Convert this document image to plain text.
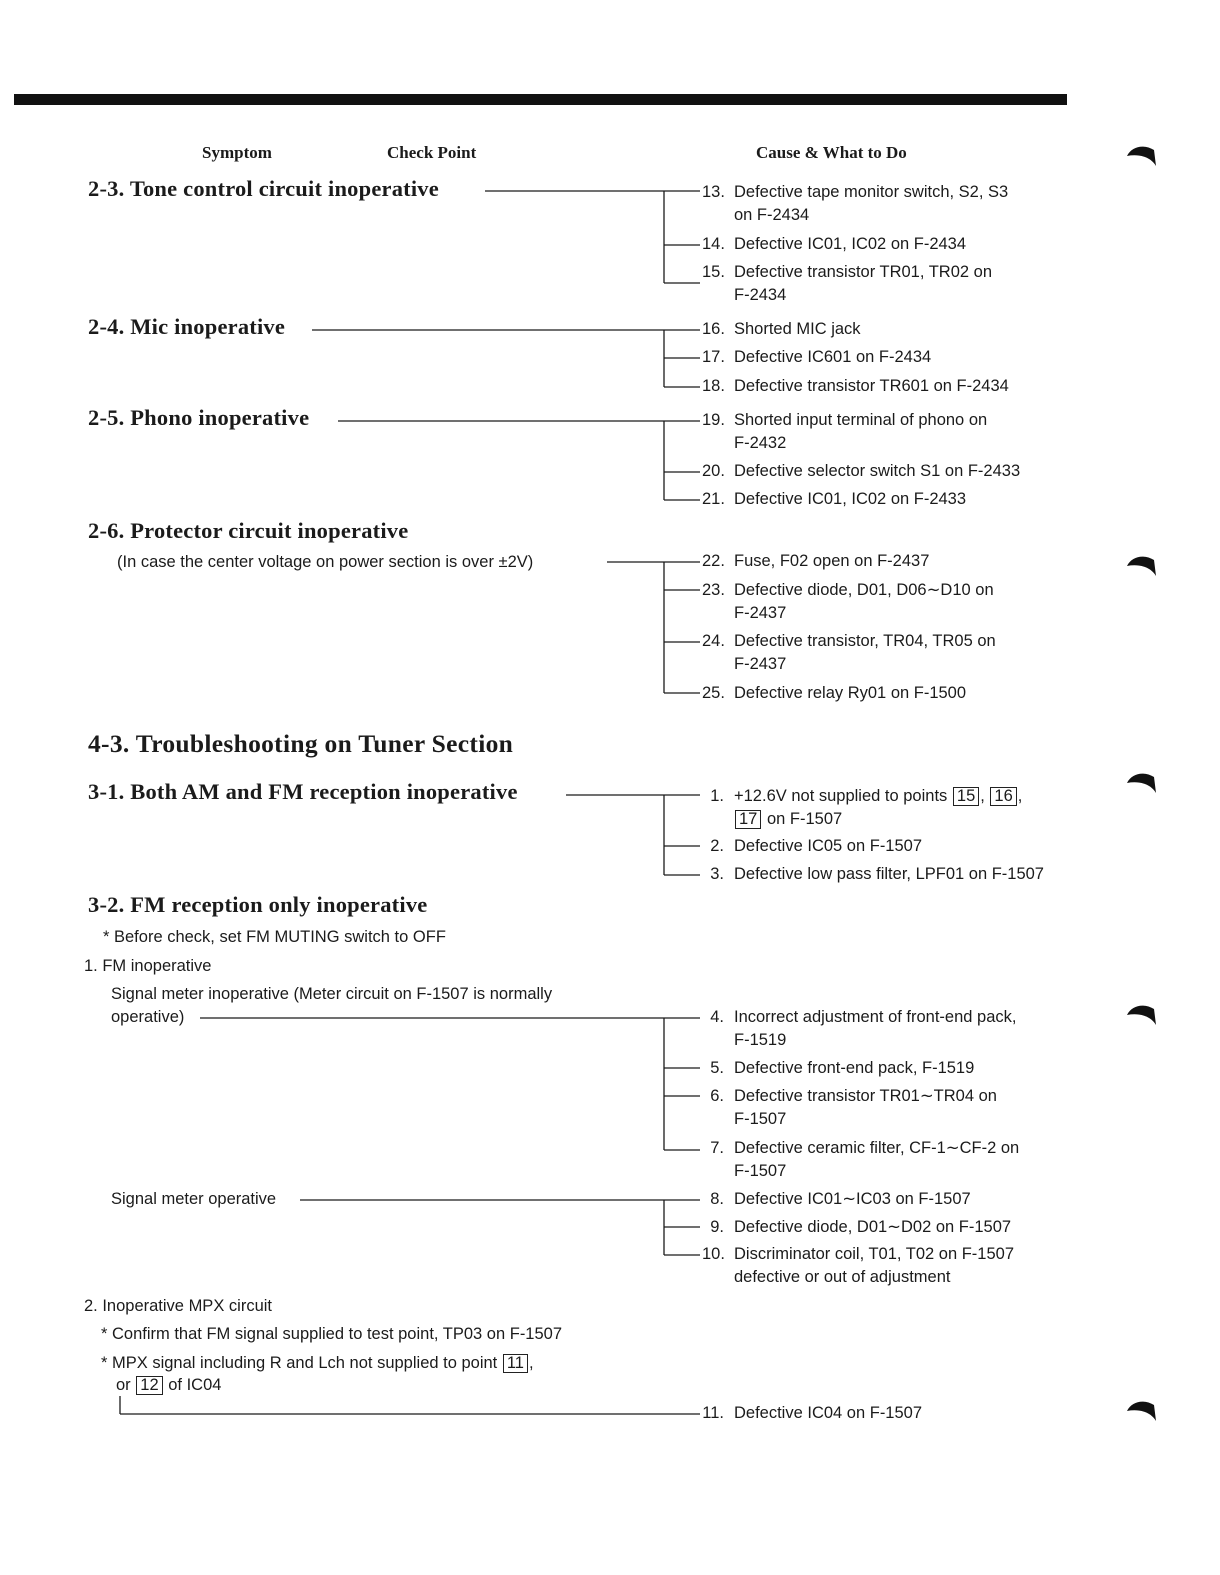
Symptom	Check Point	Cause & What to Do
2-3. Tone control circuit inoperative	13. Defective tape monitor switch, S2, S3
on F-2434
14. Defective IC01, IC02 on F-2434
15. Defective transistor TR01, TR02 on
F-2434
2-4. Mic inoperative	16. Shorted MIC jack
17. Defective IC601 on F-2434
18. Defective transistor TR601 on F-2434
2-5. Phono inoperative	19. Shorted input terminal of phono on
F-2432
20. Defective selector switch S1 on F-2433
21. Defective IC01, IC02 on F-2433
2-6. Protector circuit inoperative
(In case the center voltage on power section is over ±2V)	22. Fuse, F02 open on F-2437
23. Defective diode, D01, D06∼D10 on
F-2437
24. Defective transistor, TR04, TR05 on
F-2437
25. Defective relay Ry01 on F-1500
4-3. Troubleshooting on Tuner Section
3-1. Both AM and FM reception inoperative	1. +12.6V not supplied to points 15 , 16 ,
17 on F-1507
2. Defective IC05 on F-1507
3. Defective low pass filter, LPF01 on F-1507
3-2. FM reception only inoperative
* Before check, set FM MUTING switch to OFF
1. FM inoperative
Signal meter inoperative (Meter circuit on F-1507 is normally
operative)	4. Incorrect adjustment of front-end pack,
F-1519
5. Defective front-end pack, F-1519
6. Defective transistor TR01∼TR04 on
F-1507
7. Defective ceramic filter, CF-1∼CF-2 on
F-1507
Signal meter operative	8. Defective IC01∼IC03 on F-1507
9. Defective diode, D01∼D02 on F-1507
10. Discriminator coil, T01, T02 on F-1507
defective or out of adjustment
2. Inoperative MPX circuit
* Confirm that FM signal supplied to test point, TP03 on F-1507
* MPX signal including R and Lch not supplied to point 11 ,
or 12 of IC04
11. Defective IC04 on F-1507
